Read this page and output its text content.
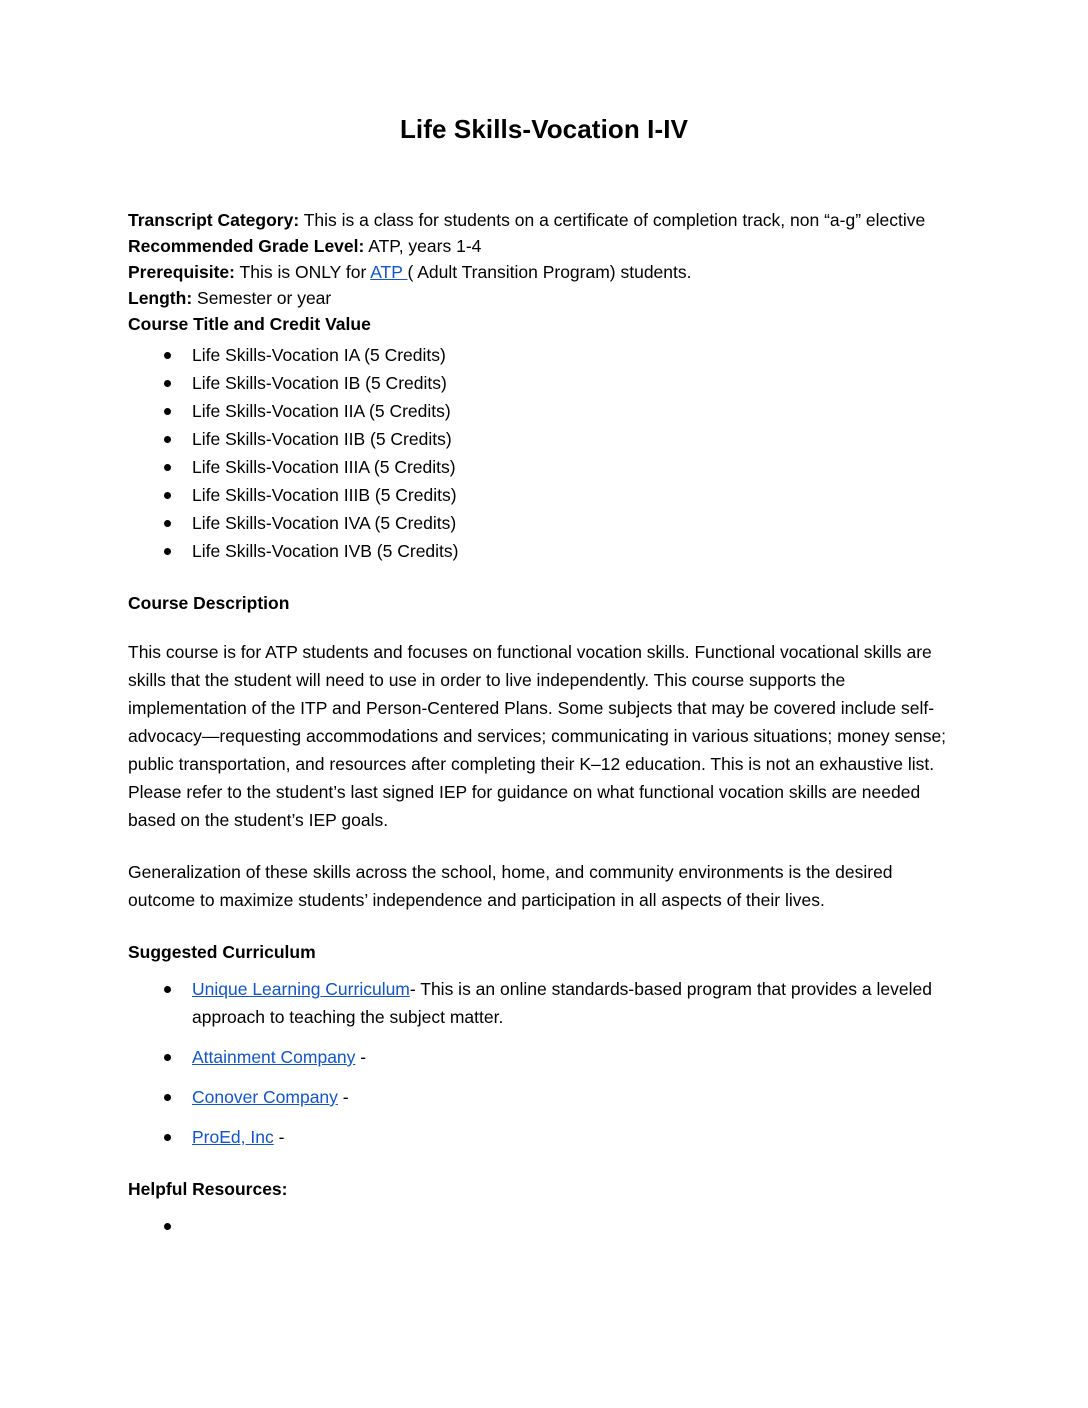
Life Skills-Vocation I-IV
Transcript Category: This is a class for students on a certificate of completion track, non “a-g” elective
Recommended Grade Level: ATP, years 1-4
Prerequisite: This is ONLY for ATP ( Adult Transition Program) students.
Length: Semester or year
Course Title and Credit Value
Life Skills-Vocation IA (5 Credits)
Life Skills-Vocation IB (5 Credits)
Life Skills-Vocation IIA (5 Credits)
Life Skills-Vocation IIB (5 Credits)
Life Skills-Vocation IIIA (5 Credits)
Life Skills-Vocation IIIB (5 Credits)
Life Skills-Vocation IVA (5 Credits)
Life Skills-Vocation IVB (5 Credits)
Course Description

This course is for ATP students and focuses on functional vocation skills. Functional vocational skills are skills that the student will need to use in order to live independently. This course supports the implementation of the ITP and Person-Centered Plans. Some subjects that may be covered include self-advocacy—requesting accommodations and services; communicating in various situations; money sense; public transportation, and resources after completing their K–12 education. This is not an exhaustive list. Please refer to the student’s last signed IEP for guidance on what functional vocation skills are needed based on the student’s IEP goals.

Generalization of these skills across the school, home, and community environments is the desired outcome to maximize students’ independence and participation in all aspects of their lives.

Suggested Curriculum
Unique Learning Curriculum- This is an online standards-based program that provides a leveled approach to teaching the subject matter.
Attainment Company -
Conover Company -
ProEd, Inc -
Helpful Resources:
